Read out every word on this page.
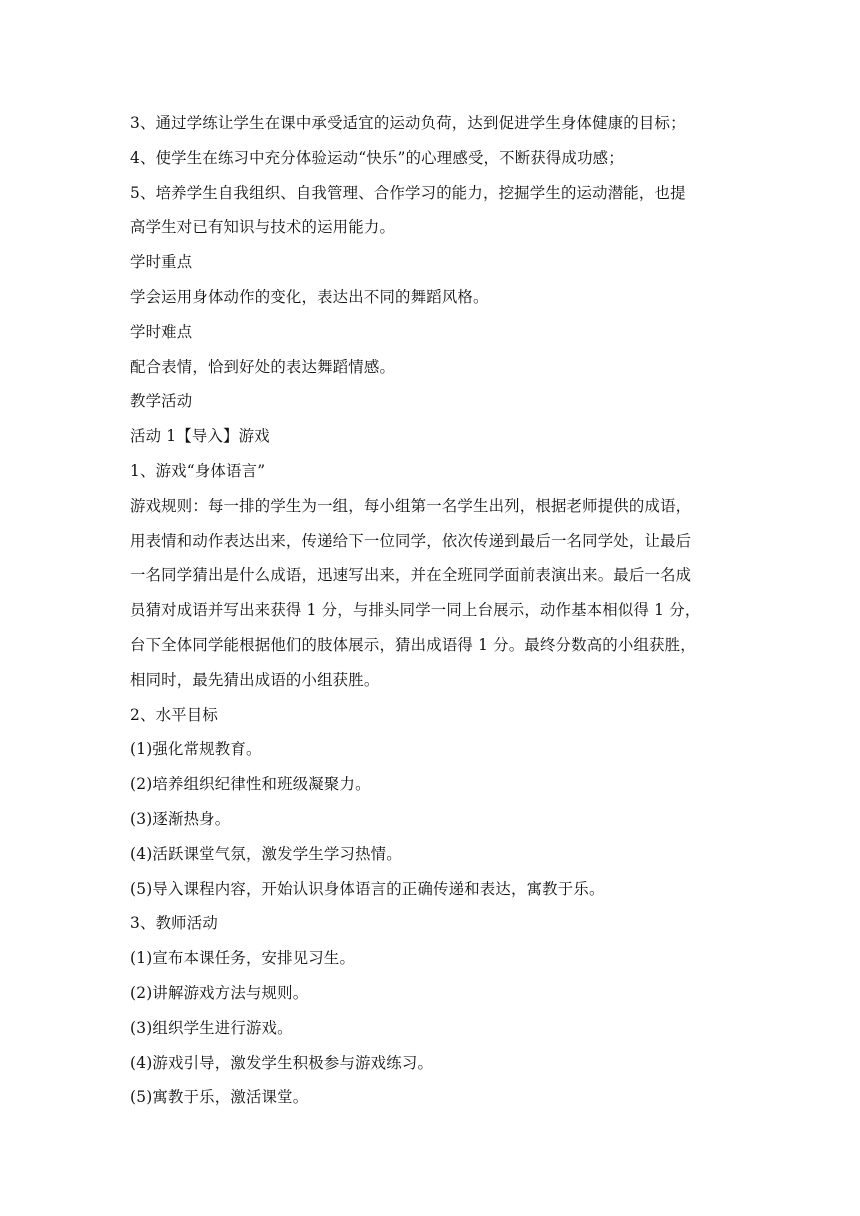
3、通过学练让学生在课中承受适宜的运动负荷，达到促进学生身体健康的目标；
4、使学生在练习中充分体验运动“快乐”的心理感受，不断获得成功感；
5、培养学生自我组织、自我管理、合作学习的能力，挖掘学生的运动潜能，也提
高学生对已有知识与技术的运用能力。
学时重点
学会运用身体动作的变化，表达出不同的舞蹈风格。
学时难点
配合表情，恰到好处的表达舞蹈情感。
教学活动
活动 1【导入】游戏
1、游戏“身体语言”
游戏规则：每一排的学生为一组，每小组第一名学生出列，根据老师提供的成语，
用表情和动作表达出来，传递给下一位同学，依次传递到最后一名同学处，让最后
一名同学猜出是什么成语，迅速写出来，并在全班同学面前表演出来。最后一名成
员猜对成语并写出来获得 1 分，与排头同学一同上台展示，动作基本相似得 1 分，
台下全体同学能根据他们的肢体展示，猜出成语得 1 分。最终分数高的小组获胜，
相同时，最先猜出成语的小组获胜。
2、水平目标
(1)强化常规教育。
(2)培养组织纪律性和班级凝聚力。
(3)逐渐热身。
(4)活跃课堂气氛，激发学生学习热情。
(5)导入课程内容，开始认识身体语言的正确传递和表达，寓教于乐。
3、教师活动
(1)宣布本课任务，安排见习生。
(2)讲解游戏方法与规则。
(3)组织学生进行游戏。
(4)游戏引导，激发学生积极参与游戏练习。
(5)寓教于乐，激活课堂。
